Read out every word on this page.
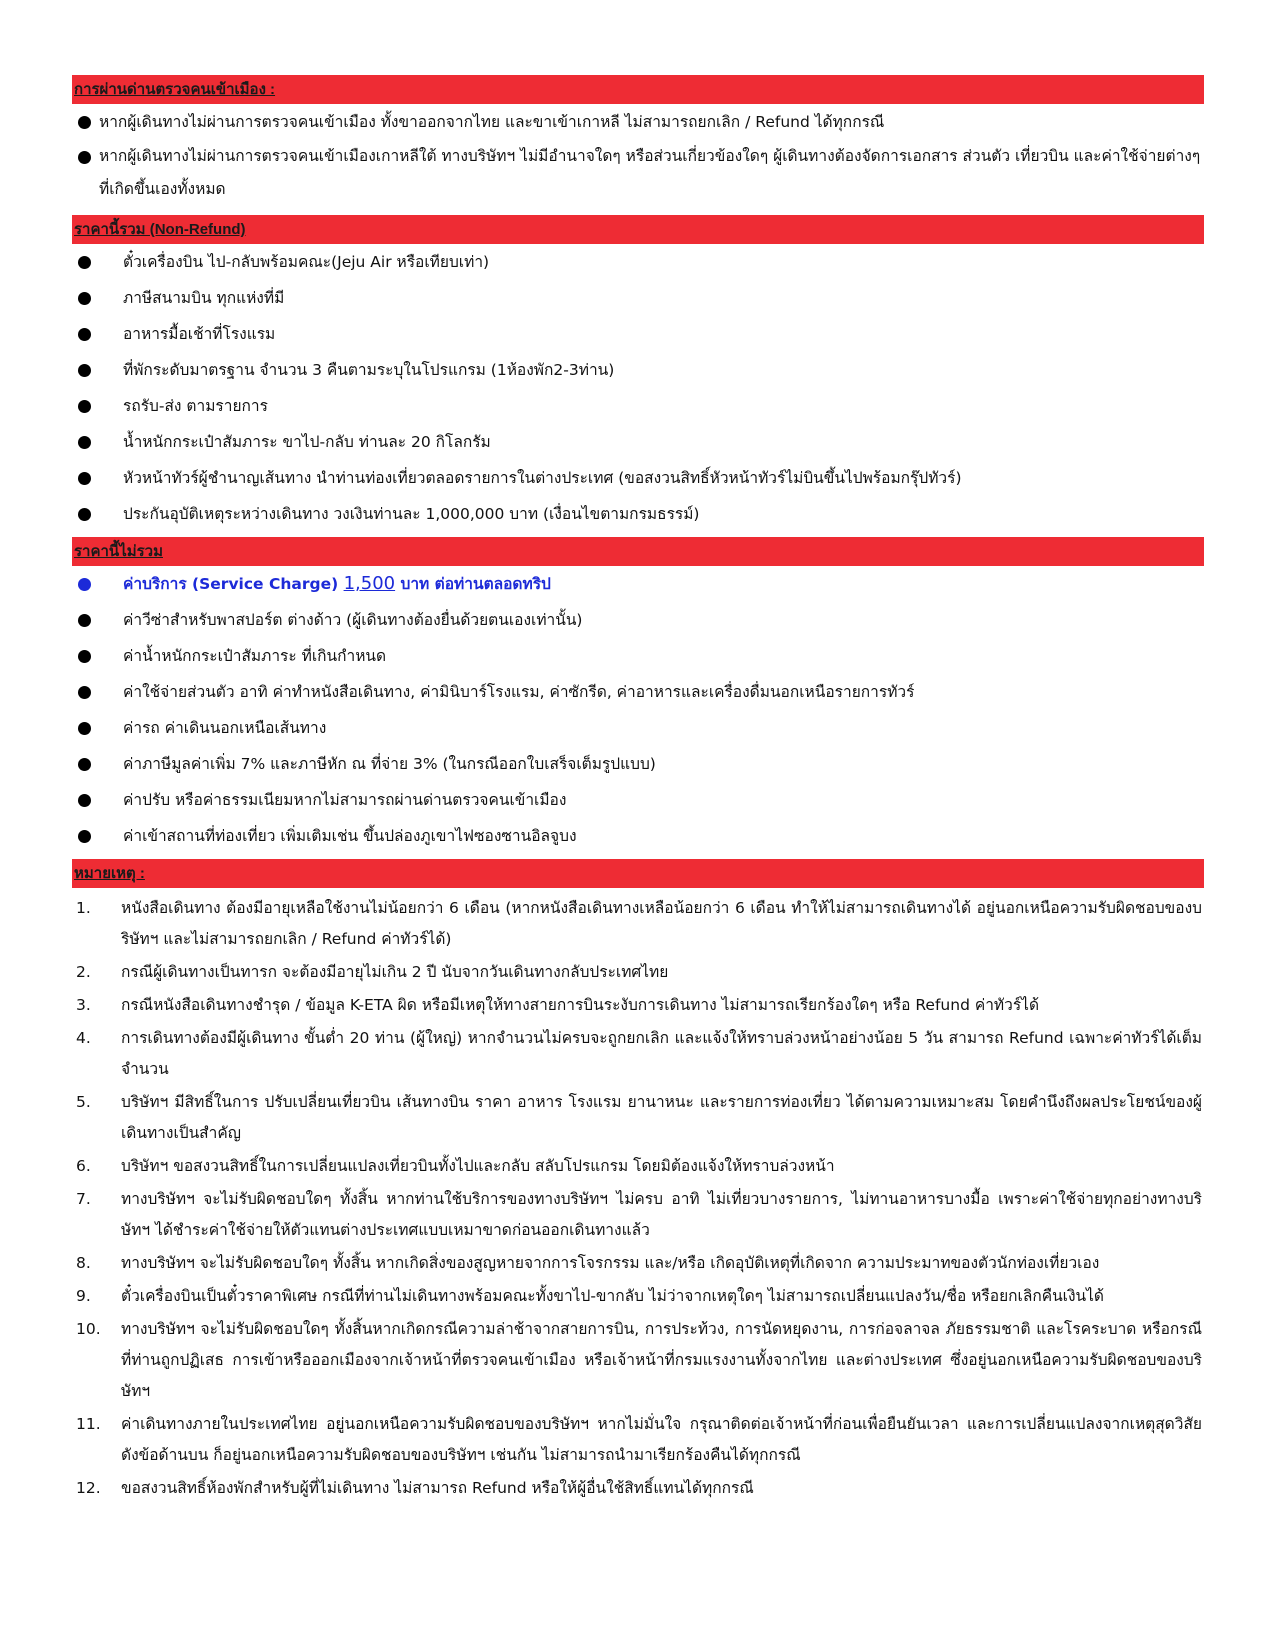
การผ่านด่านตรวจคนเข้าเมือง :
หากผู้เดินทางไม่ผ่านการตรวจคนเข้าเมือง ทั้งขาออกจากไทย และขาเข้าเกาหลี ไม่สามารถยกเลิก / Refund ได้ทุกกรณี
หากผู้เดินทางไม่ผ่านการตรวจคนเข้าเมืองเกาหลีใต้ ทางบริษัทฯ ไม่มีอำนาจใดๆ หรือส่วนเกี่ยวข้องใดๆ ผู้เดินทางต้องจัดการเอกสาร ส่วนตัว เที่ยวบิน และค่าใช้จ่ายต่างๆ ที่เกิดขึ้นเองทั้งหมด
ราคานี้รวม (Non-Refund)
ตั๋วเครื่องบิน ไป-กลับพร้อมคณะ(Jeju Air หรือเทียบเท่า)
ภาษีสนามบิน ทุกแห่งที่มี
อาหารมื้อเช้าที่โรงแรม
ที่พักระดับมาตรฐาน จำนวน 3 คืนตามระบุในโปรแกรม (1ห้องพัก2-3ท่าน)
รถรับ-ส่ง ตามรายการ
น้ำหนักกระเป๋าสัมภาระ ขาไป-กลับ ท่านละ 20 กิโลกรัม
หัวหน้าทัวร์ผู้ชำนาญเส้นทาง นำท่านท่องเที่ยวตลอดรายการในต่างประเทศ (ขอสงวนสิทธิ์หัวหน้าทัวร์ไม่บินขึ้นไปพร้อมกรุ๊ปทัวร์)
ประกันอุบัติเหตุระหว่างเดินทาง วงเงินท่านละ 1,000,000 บาท (เงื่อนไขตามกรมธรรม์)
ราคานี้ไม่รวม
ค่าบริการ (Service Charge) 1,500 บาท ต่อท่านตลอดทริป
ค่าวีซ่าสำหรับพาสปอร์ต ต่างด้าว (ผู้เดินทางต้องยื่นด้วยตนเองเท่านั้น)
ค่าน้ำหนักกระเป๋าสัมภาระ ที่เกินกำหนด
ค่าใช้จ่ายส่วนตัว อาทิ ค่าทำหนังสือเดินทาง, ค่ามินิบาร์โรงแรม, ค่าซักรีด, ค่าอาหารและเครื่องดื่มนอกเหนือรายการทัวร์
ค่ารถ ค่าเดินนอกเหนือเส้นทาง
ค่าภาษีมูลค่าเพิ่ม 7% และภาษีหัก ณ ที่จ่าย 3% (ในกรณีออกใบเสร็จเต็มรูปแบบ)
ค่าปรับ หรือค่าธรรมเนียมหากไม่สามารถผ่านด่านตรวจคนเข้าเมือง
ค่าเข้าสถานที่ท่องเที่ยว เพิ่มเติมเช่น ขึ้นปล่องภูเขาไฟซองซานอิลจูบง
หมายเหตุ :
1.	หนังสือเดินทาง ต้องมีอายุเหลือใช้งานไม่น้อยกว่า 6 เดือน (หากหนังสือเดินทางเหลือน้อยกว่า 6 เดือน ทำให้ไม่สามารถเดินทางได้ อยู่นอกเหนือความรับผิดชอบของบริษัทฯ และไม่สามารถยกเลิก / Refund ค่าทัวร์ได้)
2.	กรณีผู้เดินทางเป็นทารก จะต้องมีอายุไม่เกิน 2 ปี นับจากวันเดินทางกลับประเทศไทย
3.	กรณีหนังสือเดินทางชำรุด / ข้อมูล K-ETA ผิด หรือมีเหตุให้ทางสายการบินระงับการเดินทาง ไม่สามารถเรียกร้องใดๆ หรือ Refund ค่าทัวร์ได้
4.	การเดินทางต้องมีผู้เดินทาง ขั้นต่ำ 20 ท่าน (ผู้ใหญ่) หากจำนวนไม่ครบจะถูกยกเลิก และแจ้งให้ทราบล่วงหน้าอย่างน้อย 5 วัน สามารถ Refund เฉพาะค่าทัวร์ได้เต็มจำนวน
5.	บริษัทฯ มีสิทธิ์ในการ ปรับเปลี่ยนเที่ยวบิน เส้นทางบิน ราคา อาหาร โรงแรม ยานาหนะ และรายการท่องเที่ยว ได้ตามความเหมาะสม โดยคำนึงถึงผลประโยชน์ของผู้เดินทางเป็นสำคัญ
6.	บริษัทฯ ขอสงวนสิทธิ์ในการเปลี่ยนแปลงเที่ยวบินทั้งไปและกลับ สลับโปรแกรม โดยมิต้องแจ้งให้ทราบล่วงหน้า
7.	ทางบริษัทฯ จะไม่รับผิดชอบใดๆ ทั้งสิ้น หากท่านใช้บริการของทางบริษัทฯ ไม่ครบ อาทิ ไม่เที่ยวบางรายการ, ไม่ทานอาหารบางมื้อ เพราะค่าใช้จ่ายทุกอย่างทางบริษัทฯ ได้ชำระค่าใช้จ่ายให้ตัวแทนต่างประเทศแบบเหมาขาดก่อนออกเดินทางแล้ว
8.	ทางบริษัทฯ จะไม่รับผิดชอบใดๆ ทั้งสิ้น หากเกิดสิ่งของสูญหายจากการโจรกรรม และ/หรือ เกิดอุบัติเหตุที่เกิดจาก ความประมาทของตัวนักท่องเที่ยวเอง
9.	ตั๋วเครื่องบินเป็นตั๋วราคาพิเศษ กรณีที่ท่านไม่เดินทางพร้อมคณะทั้งขาไป-ขากลับ ไม่ว่าจากเหตุใดๆ ไม่สามารถเปลี่ยนแปลงวัน/ชื่อ หรือยกเลิกคืนเงินได้
10.	ทางบริษัทฯ จะไม่รับผิดชอบใดๆ ทั้งสิ้นหากเกิดกรณีความล่าช้าจากสายการบิน, การประท้วง, การนัดหยุดงาน, การก่อจลาจล ภัยธรรมชาติ และโรคระบาด หรือกรณีที่ท่านถูกปฏิเสธ การเข้าหรือออกเมืองจากเจ้าหน้าที่ตรวจคนเข้าเมือง หรือเจ้าหน้าที่กรมแรงงานทั้งจากไทย และต่างประเทศ ซึ่งอยู่นอกเหนือความรับผิดชอบของบริษัทฯ
11.	ค่าเดินทางภายในประเทศไทย อยู่นอกเหนือความรับผิดชอบของบริษัทฯ หากไม่มั่นใจ กรุณาติดต่อเจ้าหน้าที่ก่อนเพื่อยืนยันเวลา และการเปลี่ยนแปลงจากเหตุสุดวิสัยดังข้อด้านบน ก็อยู่นอกเหนือความรับผิดชอบของบริษัทฯ เช่นกัน ไม่สามารถนำมาเรียกร้องคืนได้ทุกกรณี
12.	ขอสงวนสิทธิ์ห้องพักสำหรับผู้ที่ไม่เดินทาง ไม่สามารถ Refund หรือให้ผู้อื่นใช้สิทธิ์แทนได้ทุกกรณี
